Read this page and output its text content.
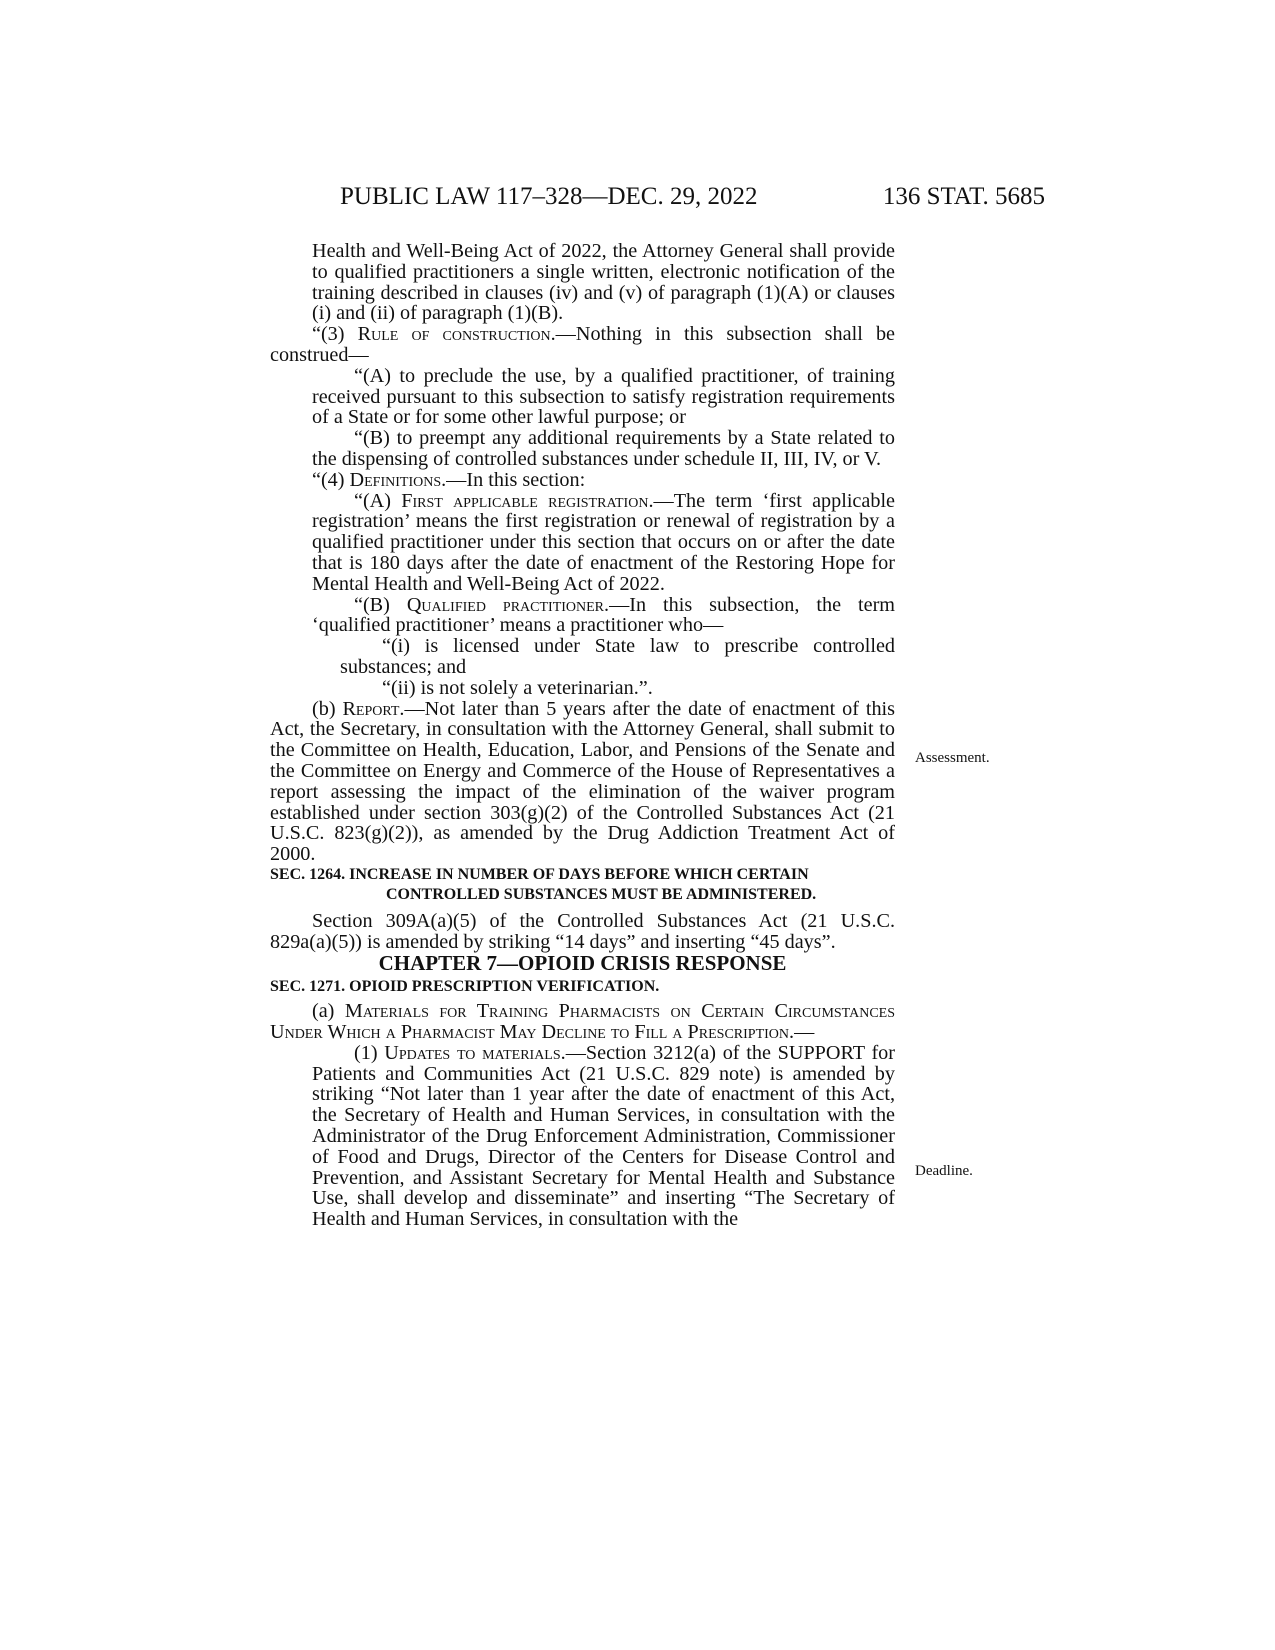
PUBLIC LAW 117–328—DEC. 29, 2022	136 STAT. 5685
Assessment.
Deadline.

Health and Well-Being Act of 2022, the Attorney General shall provide to qualified practitioners a single written, electronic notification of the training described in clauses (iv) and (v) of paragraph (1)(A) or clauses (i) and (ii) of paragraph (1)(B).

“(3) Rule of construction.—Nothing in this subsection shall be construed—

“(A) to preclude the use, by a qualified practitioner, of training received pursuant to this subsection to satisfy registration requirements of a State or for some other lawful purpose; or

“(B) to preempt any additional requirements by a State related to the dispensing of controlled substances under schedule II, III, IV, or V.

“(4) Definitions.—In this section:

“(A) First applicable registration.—The term ‘first applicable registration’ means the first registration or renewal of registration by a qualified practitioner under this section that occurs on or after the date that is 180 days after the date of enactment of the Restoring Hope for Mental Health and Well-Being Act of 2022.

“(B) Qualified practitioner.—In this subsection, the term ‘qualified practitioner’ means a practitioner who—

“(i) is licensed under State law to prescribe controlled substances; and

“(ii) is not solely a veterinarian.”.

(b) Report.—Not later than 5 years after the date of enactment of this Act, the Secretary, in consultation with the Attorney General, shall submit to the Committee on Health, Education, Labor, and Pensions of the Senate and the Committee on Energy and Commerce of the House of Representatives a report assessing the impact of the elimination of the waiver program established under section 303(g)(2) of the Controlled Substances Act (21 U.S.C. 823(g)(2)), as amended by the Drug Addiction Treatment Act of 2000.

SEC. 1264. INCREASE IN NUMBER OF DAYS BEFORE WHICH CERTAIN
CONTROLLED SUBSTANCES MUST BE ADMINISTERED.

Section 309A(a)(5) of the Controlled Substances Act (21 U.S.C. 829a(a)(5)) is amended by striking “14 days” and inserting “45 days”.

CHAPTER 7—OPIOID CRISIS RESPONSE

SEC. 1271. OPIOID PRESCRIPTION VERIFICATION.

(a) Materials for Training Pharmacists on Certain Circumstances Under Which a Pharmacist May Decline to Fill a Prescription.—

(1) Updates to materials.—Section 3212(a) of the SUPPORT for Patients and Communities Act (21 U.S.C. 829 note) is amended by striking “Not later than 1 year after the date of enactment of this Act, the Secretary of Health and Human Services, in consultation with the Administrator of the Drug Enforcement Administration, Commissioner of Food and Drugs, Director of the Centers for Disease Control and Prevention, and Assistant Secretary for Mental Health and Substance Use, shall develop and disseminate” and inserting “The Secretary of Health and Human Services, in consultation with the
